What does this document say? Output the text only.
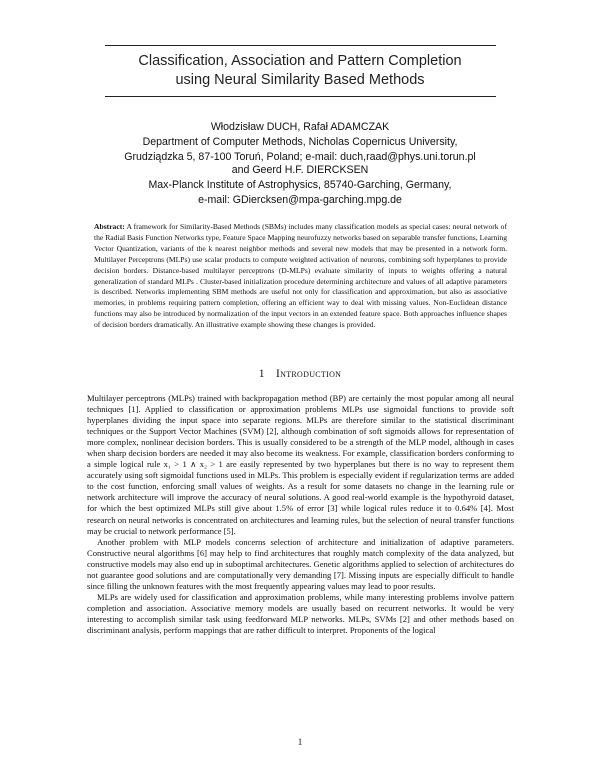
Classification, Association and Pattern Completion
using Neural Similarity Based Methods
Włodzisław DUCH, Rafał ADAMCZAK
Department of Computer Methods, Nicholas Copernicus University,
Grudziądzka 5, 87-100 Toruń, Poland; e-mail: duch,raad@phys.uni.torun.pl
and Geerd H.F. DIERCKSEN
Max-Planck Institute of Astrophysics, 85740-Garching, Germany,
e-mail: GDiercksen@mpa-garching.mpg.de
Abstract: A framework for Similarity-Based Methods (SBMs) includes many classification models as special cases: neural network of the Radial Basis Function Networks type, Feature Space Mapping neurofuzzy networks based on separable transfer functions, Learning Vector Quantization, variants of the k nearest neighbor methods and several new models that may be presented in a network form. Multilayer Perceptrons (MLPs) use scalar products to compute weighted activation of neurons, combining soft hyperplanes to provide decision borders. Distance-based multilayer perceptrons (D-MLPs) evaluate similarity of inputs to weights offering a natural generalization of standard MLPs . Cluster-based initialization procedure determining architecture and values of all adaptive parameters is described. Networks implementing SBM methods are useful not only for classification and approximation, but also as associative memories, in problems requiring pattern completion, offering an efficient way to deal with missing values. Non-Euclidean distance functions may also be introduced by normalization of the input vectors in an extended feature space. Both approaches influence shapes of decision borders dramatically. An illustrative example showing these changes is provided.
1 Introduction

Multilayer perceptrons (MLPs) trained with backpropagation method (BP) are certainly the most popular among all neural techniques [1]. Applied to classification or approximation problems MLPs use sigmoidal functions to provide soft hyperplanes dividing the input space into separate regions. MLPs are therefore similar to the statistical discriminant techniques or the Support Vector Machines (SVM) [2], although combination of soft sigmoids allows for representation of more complex, nonlinear decision borders. This is usually considered to be a strength of the MLP model, although in cases when sharp decision borders are needed it may also become its weakness. For example, classification borders conforming to a simple logical rule x₁ > 1 ∧ x₂ > 1 are easily represented by two hyperplanes but there is no way to represent them accurately using soft sigmoidal functions used in MLPs. This problem is especially evident if regularization terms are added to the cost function, enforcing small values of weights. As a result for some datasets no change in the learning rule or network architecture will improve the accuracy of neural solutions. A good real-world example is the hypothyroid dataset, for which the best optimized MLPs still give about 1.5% of error [3] while logical rules reduce it to 0.64% [4]. Most research on neural networks is concentrated on architectures and learning rules, but the selection of neural transfer functions may be crucial to network performance [5].

Another problem with MLP models concerns selection of architecture and initialization of adaptive parameters. Constructive neural algorithms [6] may help to find architectures that roughly match complexity of the data analyzed, but constructive models may also end up in suboptimal architectures. Genetic algorithms applied to selection of architectures do not guarantee good solutions and are computationally very demanding [7]. Missing inputs are especially difficult to handle since filling the unknown features with the most frequently appearing values may lead to poor results.

MLPs are widely used for classification and approximation problems, while many interesting problems involve pattern completion and association. Associative memory models are usually based on recurrent networks. It would be very interesting to accomplish similar task using feedforward MLP networks. MLPs, SVMs [2] and other methods based on discriminant analysis, perform mappings that are rather difficult to interpret. Proponents of the logical

1
